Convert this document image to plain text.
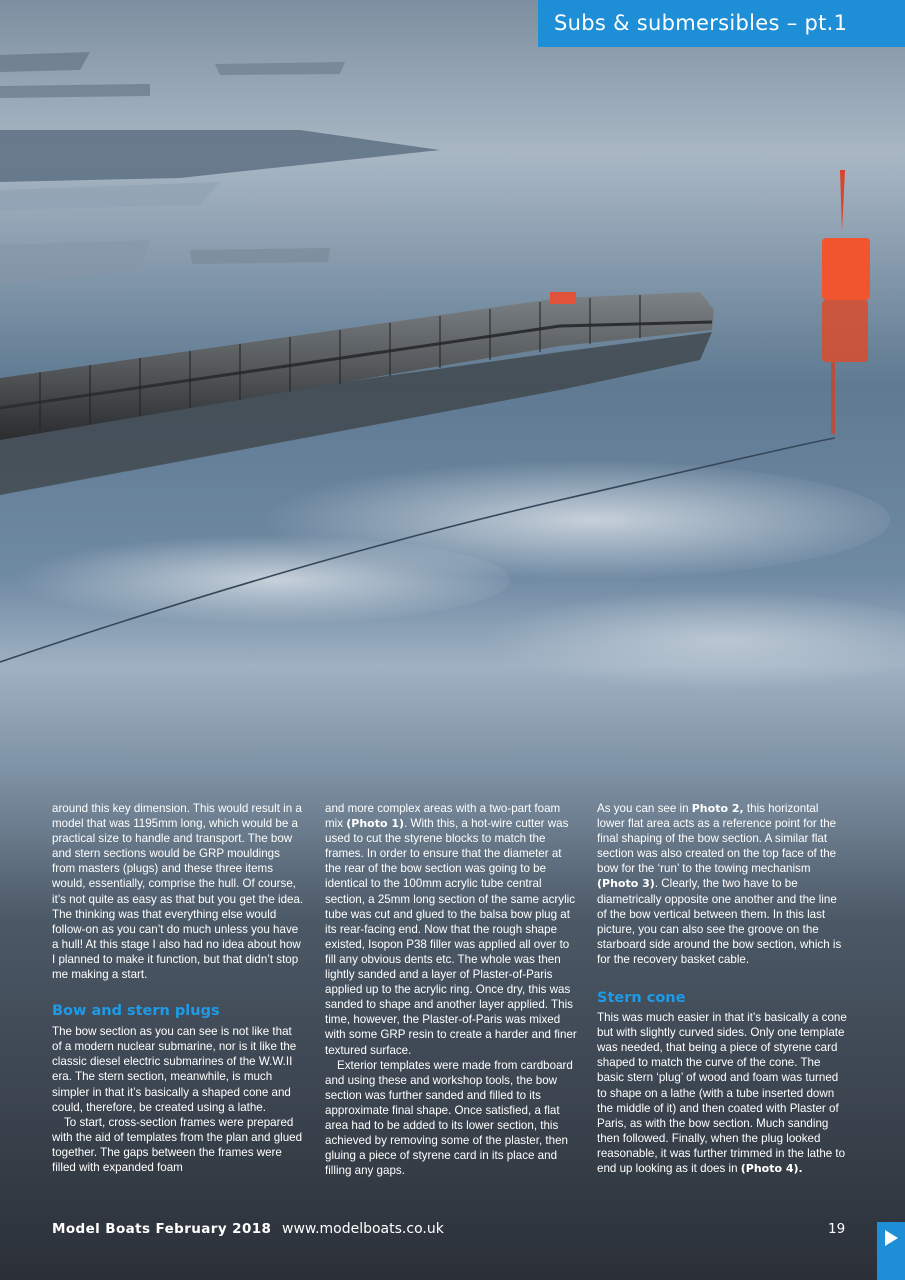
Subs & submersibles – pt.1

around this key dimension. This would result in a model that was 1195mm long, which would be a practical size to handle and transport. The bow and stern sections would be GRP mouldings from masters (plugs) and these three items would, essentially, comprise the hull. Of course, it’s not quite as easy as that but you get the idea. The thinking was that everything else would follow-on as you can’t do much unless you have a hull! At this stage I also had no idea about how I planned to make it function, but that didn’t stop me making a start.

Bow and stern plugs

The bow section as you can see is not like that of a modern nuclear submarine, nor is it like the classic diesel electric submarines of the W.W.II era. The stern section, meanwhile, is much simpler in that it’s basically a shaped cone and could, therefore, be created using a lathe.

To start, cross-section frames were prepared with the aid of templates from the plan and glued together. The gaps between the frames were filled with expanded foam

and more complex areas with a two-part foam mix (Photo 1). With this, a hot-wire cutter was used to cut the styrene blocks to match the frames. In order to ensure that the diameter at the rear of the bow section was going to be identical to the 100mm acrylic tube central section, a 25mm long section of the same acrylic tube was cut and glued to the balsa bow plug at its rear-facing end. Now that the rough shape existed, Isopon P38 filler was applied all over to fill any obvious dents etc. The whole was then lightly sanded and a layer of Plaster-of-Paris applied up to the acrylic ring. Once dry, this was sanded to shape and another layer applied. This time, however, the Plaster-of-Paris was mixed with some GRP resin to create a harder and finer textured surface.

Exterior templates were made from cardboard and using these and workshop tools, the bow section was further sanded and filled to its approximate final shape. Once satisfied, a flat area had to be added to its lower section, this achieved by removing some of the plaster, then gluing a piece of styrene card in its place and filling any gaps.

As you can see in Photo 2, this horizontal lower flat area acts as a reference point for the final shaping of the bow section. A similar flat section was also created on the top face of the bow for the ‘run’ to the towing mechanism (Photo 3). Clearly, the two have to be diametrically opposite one another and the line of the bow vertical between them. In this last picture, you can also see the groove on the starboard side around the bow section, which is for the recovery basket cable.

Stern cone

This was much easier in that it’s basically a cone but with slightly curved sides. Only one template was needed, that being a piece of styrene card shaped to match the curve of the cone. The basic stern ‘plug’ of wood and foam was turned to shape on a lathe (with a tube inserted down the middle of it) and then coated with Plaster of Paris, as with the bow section. Much sanding then followed. Finally, when the plug looked reasonable, it was further trimmed in the lathe to end up looking as it does in (Photo 4).

Model Boats February 2018 www.modelboats.co.uk	19
